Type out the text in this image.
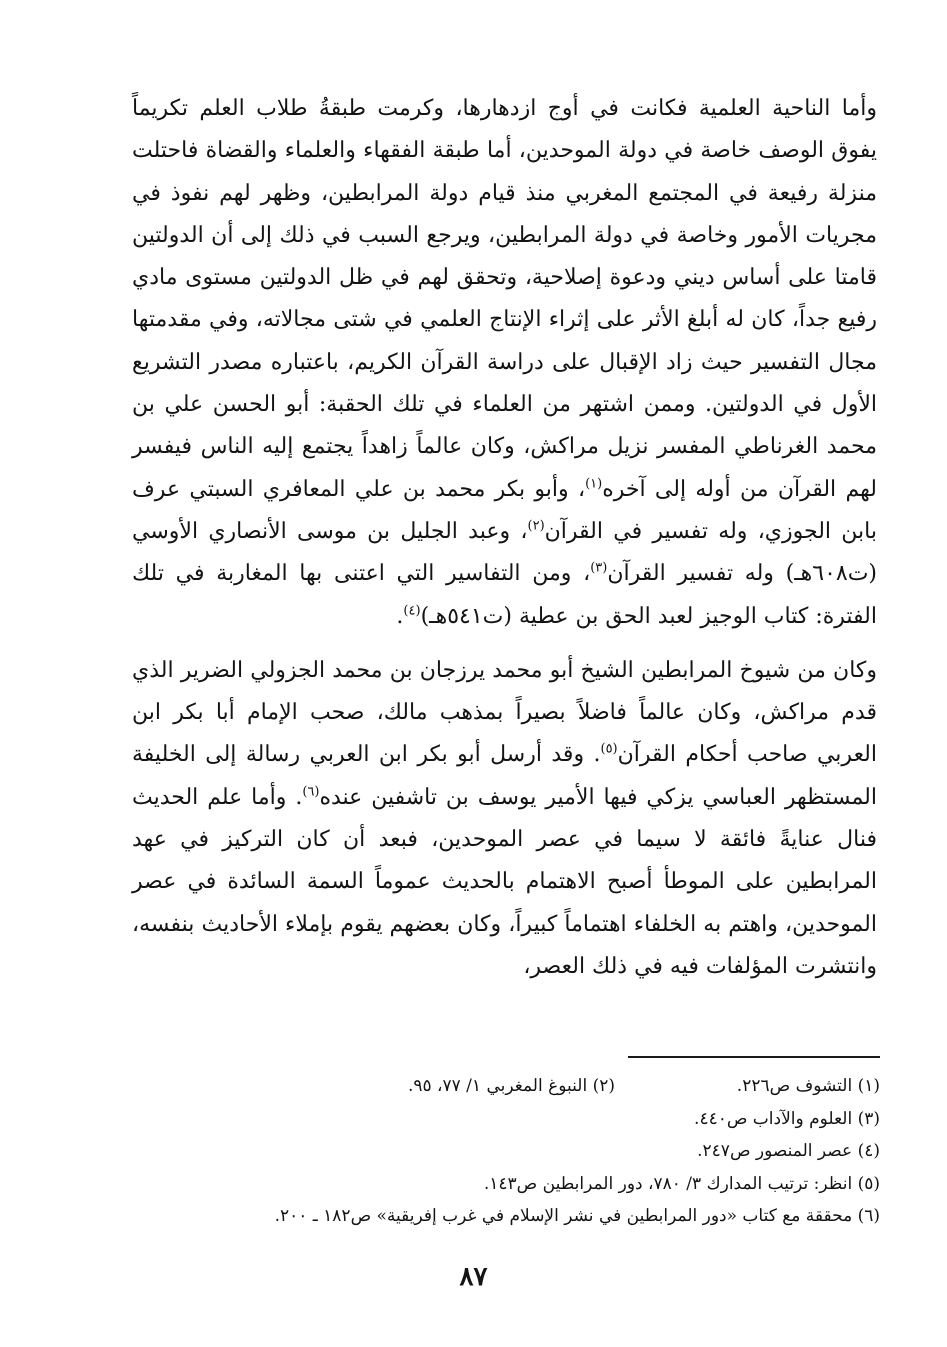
وأما الناحية العلمية فكانت في أوج ازدهارها، وكرمت طبقةُ طلاب العلم تكريماً يفوق الوصف خاصة في دولة الموحدين، أما طبقة الفقهاء والعلماء والقضاة فاحتلت منزلة رفيعة في المجتمع المغربي منذ قيام دولة المرابطين، وظهر لهم نفوذ في مجريات الأمور وخاصة في دولة المرابطين، ويرجع السبب في ذلك إلى أن الدولتين قامتا على أساس ديني ودعوة إصلاحية، وتحقق لهم في ظل الدولتين مستوى مادي رفيع جداً، كان له أبلغ الأثر على إثراء الإنتاج العلمي في شتى مجالاته، وفي مقدمتها مجال التفسير حيث زاد الإقبال على دراسة القرآن الكريم، باعتباره مصدر التشريع الأول في الدولتين. وممن اشتهر من العلماء في تلك الحقبة: أبو الحسن علي بن محمد الغرناطي المفسر نزيل مراكش، وكان عالماً زاهداً يجتمع إليه الناس فيفسر لهم القرآن من أوله إلى آخره$^{(١)}$، وأبو بكر محمد بن علي المعافري السبتي عرف بابن الجوزي، وله تفسير في القرآن$^{(٢)}$، وعبد الجليل بن موسى الأنصاري الأوسي (ت٦٠٨هـ) وله تفسير القرآن$^{(٣)}$، ومن التفاسير التي اعتنى بها المغاربة في تلك الفترة: كتاب الوجيز لعبد الحق بن عطية (ت٥٤١هـ)$^{(٤)}$.

وكان من شيوخ المرابطين الشيخ أبو محمد يرزجان بن محمد الجزولي الضرير الذي قدم مراكش، وكان عالماً فاضلاً بصيراً بمذهب مالك، صحب الإمام أبا بكر ابن العربي صاحب أحكام القرآن$^{(٥)}$. وقد أرسل أبو بكر ابن العربي رسالة إلى الخليفة المستظهر العباسي يزكي فيها الأمير يوسف بن تاشفين عنده$^{(٦)}$. وأما علم الحديث فنال عنايةً فائقة لا سيما في عصر الموحدين، فبعد أن كان التركيز في عهد المرابطين على الموطأ أصبح الاهتمام بالحديث عموماً السمة السائدة في عصر الموحدين، واهتم به الخلفاء اهتماماً كبيراً، وكان بعضهم يقوم بإملاء الأحاديث بنفسه، وانتشرت المؤلفات فيه في ذلك العصر،

(١) التشوف ص٢٢٦.
(٢) النبوغ المغربي ١/ ٧٧، ٩٥.
(٣) العلوم والآداب ص٤٤٠.
(٤) عصر المنصور ص٢٤٧.
(٥) انظر: ترتيب المدارك ٣/ ٧٨٠، دور المرابطين ص١٤٣.
(٦) محققة مع كتاب «دور المرابطين في نشر الإسلام في غرب إفريقية» ص١٨٢ ـ ٢٠٠.
٨٧
